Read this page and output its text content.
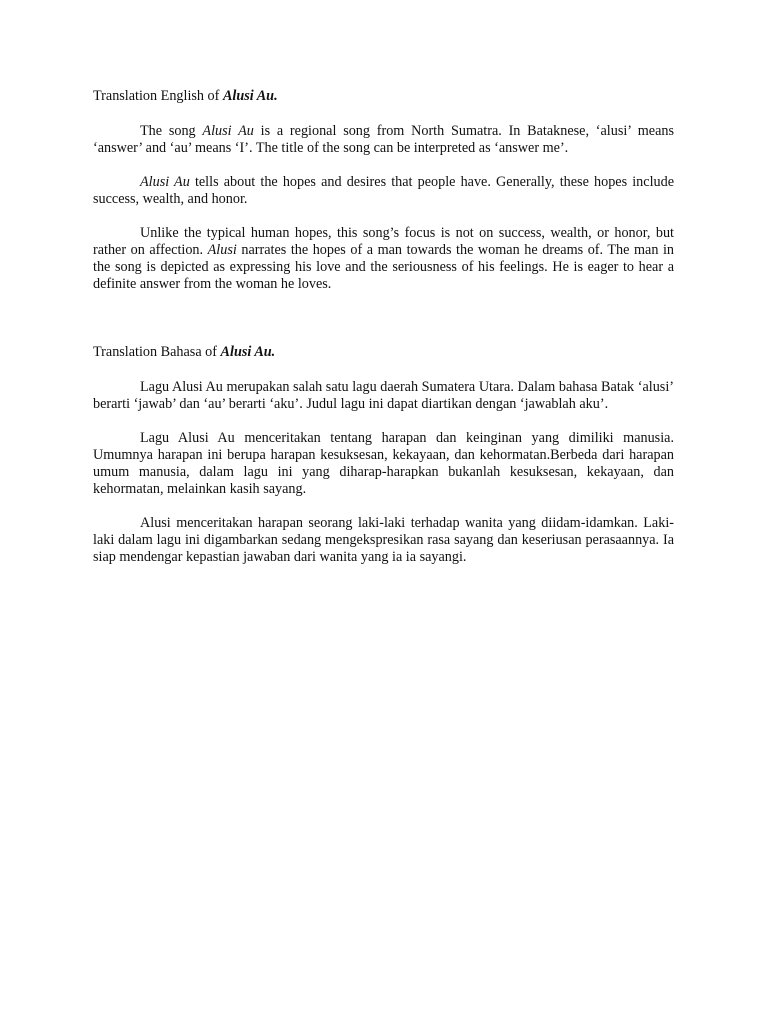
Translation English of Alusi Au.

The song Alusi Au is a regional song from North Sumatra. In Bataknese, ‘alusi’ means ‘answer’ and ‘au’ means ‘I’. The title of the song can be interpreted as ‘answer me’.

Alusi Au tells about the hopes and desires that people have. Generally, these hopes include success, wealth, and honor.

Unlike the typical human hopes, this song’s focus is not on success, wealth, or honor, but rather on affection. Alusi narrates the hopes of a man towards the woman he dreams of. The man in the song is depicted as expressing his love and the seriousness of his feelings. He is eager to hear a definite answer from the woman he loves.

Translation Bahasa of Alusi Au.

Lagu Alusi Au merupakan salah satu lagu daerah Sumatera Utara. Dalam bahasa Batak ‘alusi’ berarti ‘jawab’ dan ‘au’ berarti ‘aku’. Judul lagu ini dapat diartikan dengan ‘jawablah aku’.

Lagu Alusi Au menceritakan tentang harapan dan keinginan yang dimiliki manusia. Umumnya harapan ini berupa harapan kesuksesan, kekayaan, dan kehormatan.Berbeda dari harapan umum manusia, dalam lagu ini yang diharap-harapkan bukanlah kesuksesan, kekayaan, dan kehormatan, melainkan kasih sayang.

Alusi menceritakan harapan seorang laki-laki terhadap wanita yang diidam-idamkan. Laki-laki dalam lagu ini digambarkan sedang mengekspresikan rasa sayang dan keseriusan perasaannya. Ia siap mendengar kepastian jawaban dari wanita yang ia ia sayangi.
